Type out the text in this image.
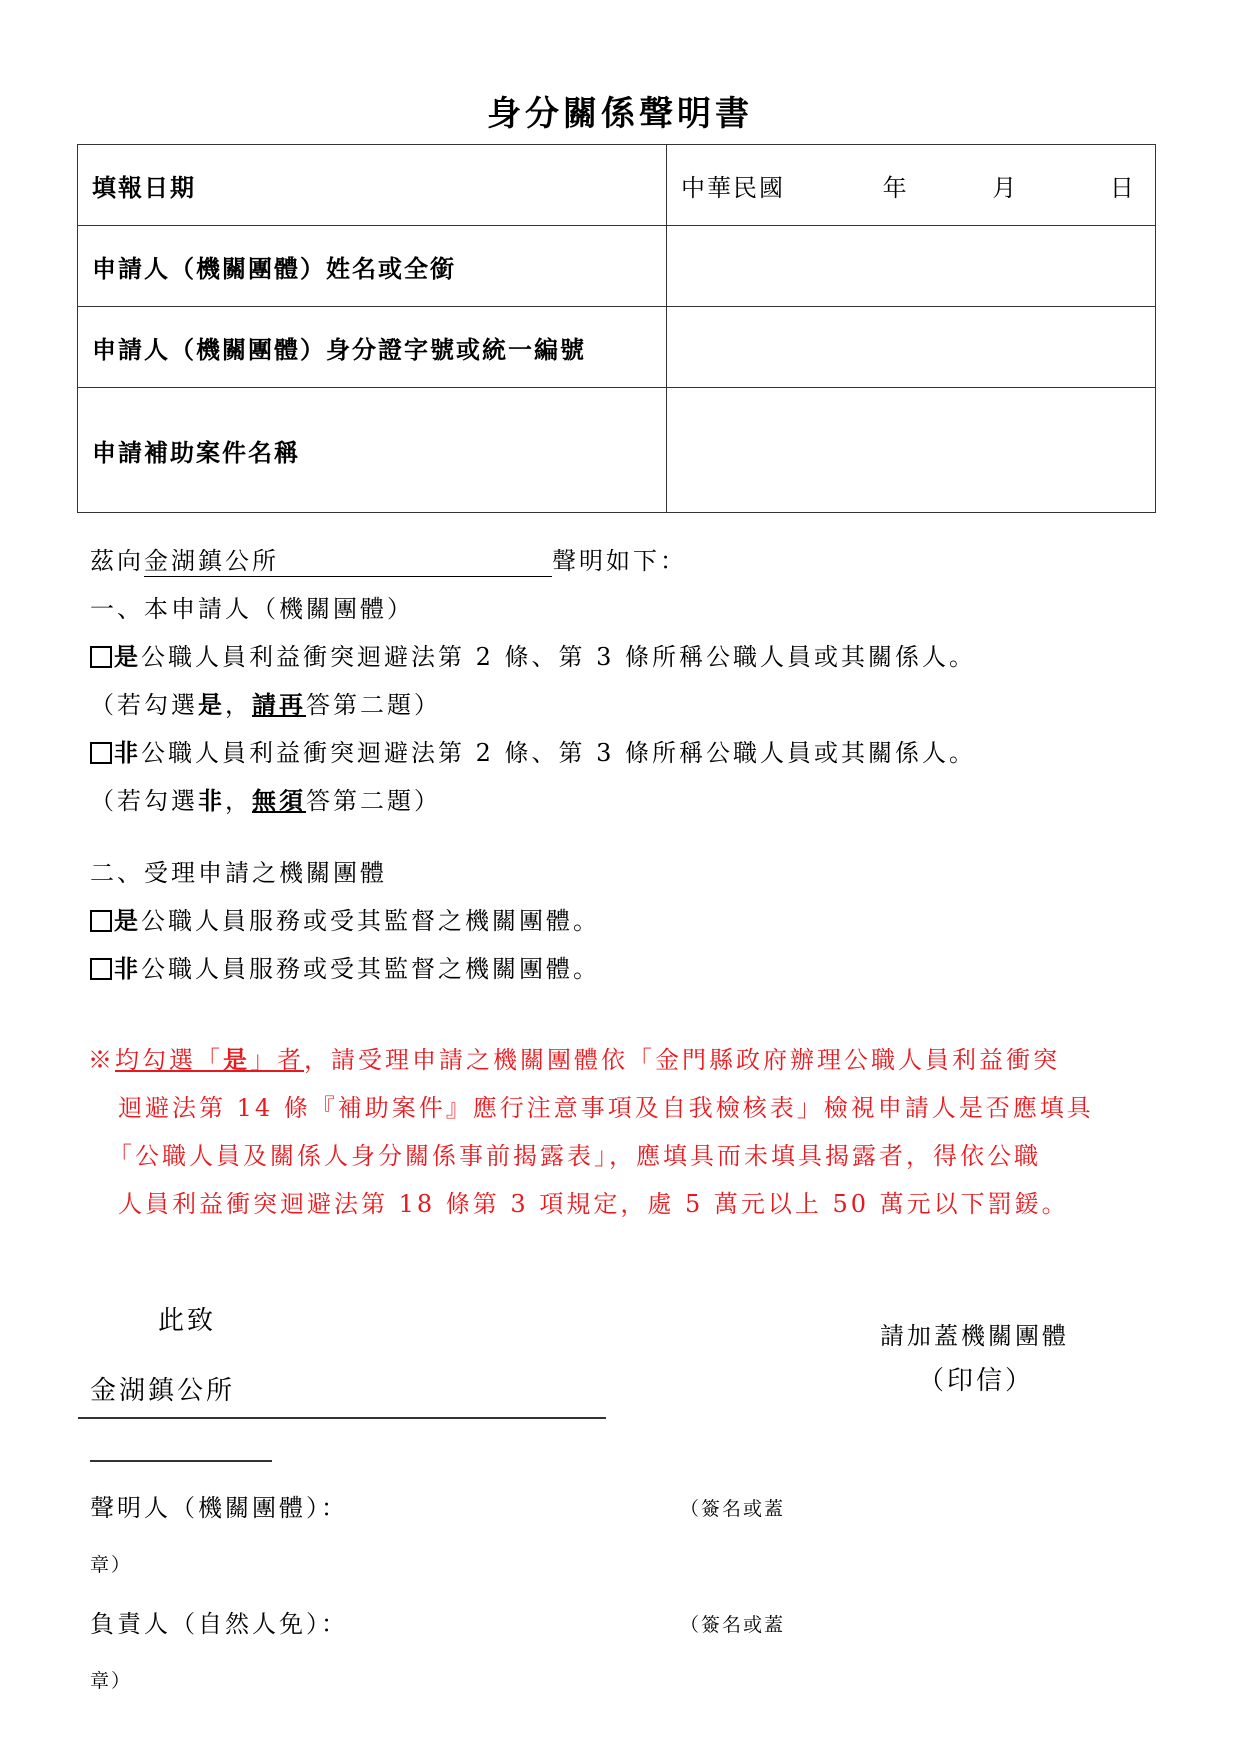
身分關係聲明書
填報日期	中華民國 年 月 日
申請人（機關團體）姓名或全銜	
申請人（機關團體）身分證字號或統一編號	
申請補助案件名稱	
茲向金湖鎮公所	聲明如下：
一、本申請人（機關團體）
是公職人員利益衝突迴避法第 2 條、第 3 條所稱公職人員或其關係人。
（若勾選是，請再答第二題）
非公職人員利益衝突迴避法第 2 條、第 3 條所稱公職人員或其關係人。
（若勾選非，無須答第二題）
二、受理申請之機關團體
是公職人員服務或受其監督之機關團體。
非公職人員服務或受其監督之機關團體。
※均勾選「是」者，請受理申請之機關團體依「金門縣政府辦理公職人員利益衝突
迴避法第 14 條『補助案件』應行注意事項及自我檢核表」檢視申請人是否應填具
「公職人員及關係人身分關係事前揭露表」，應填具而未填具揭露者，得依公職
人員利益衝突迴避法第 18 條第 3 項規定，處 5 萬元以上 50 萬元以下罰鍰。
此致	請加蓋機關團體
（印信）
金湖鎮公所
聲明人（機關團體）：	（簽名或蓋
章）
負責人（自然人免）：	（簽名或蓋
章）
